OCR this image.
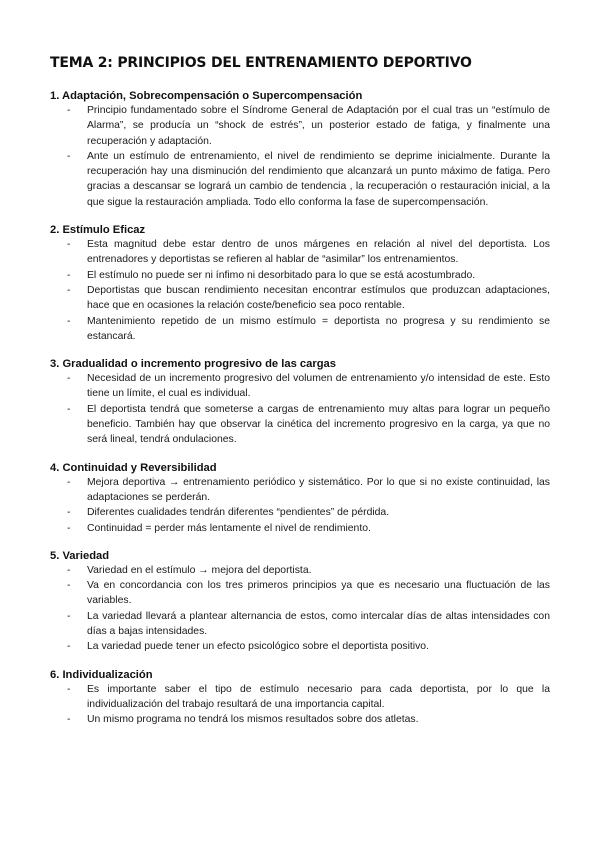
TEMA 2: PRINCIPIOS DEL ENTRENAMIENTO DEPORTIVO
1. Adaptación, Sobrecompensación o Supercompensación
- Principio fundamentado sobre el Síndrome General de Adaptación por el cual tras un “estímulo de Alarma”, se producía un “shock de estrés”, un posterior estado de fatiga, y finalmente una recuperación y adaptación.
- Ante un estímulo de entrenamiento, el nivel de rendimiento se deprime inicialmente. Durante la recuperación hay una disminución del rendimiento que alcanzará un punto máximo de fatiga. Pero gracias a descansar se logrará un cambio de tendencia , la recuperación o restauración inicial, a la que sigue la restauración ampliada. Todo ello conforma la fase de supercompensación.
2. Estímulo Eficaz
- Esta magnitud debe estar dentro de unos márgenes en relación al nivel del deportista. Los entrenadores y deportistas se refieren al hablar de “asimilar” los entrenamientos.
- El estímulo no puede ser ni ínfimo ni desorbitado para lo que se está acostumbrado.
- Deportistas que buscan rendimiento necesitan encontrar estímulos que produzcan adaptaciones, hace que en ocasiones la relación coste/beneficio sea poco rentable.
- Mantenimiento repetido de un mismo estímulo = deportista no progresa y su rendimiento se estancará.
3. Gradualidad o incremento progresivo de las cargas
- Necesidad de un incremento progresivo del volumen de entrenamiento y/o intensidad de este. Esto tiene un límite, el cual es individual.
- El deportista tendrá que someterse a cargas de entrenamiento muy altas para lograr un pequeño beneficio. También hay que observar la cinética del incremento progresivo en la carga, ya que no será lineal, tendrá ondulaciones.
4. Continuidad y Reversibilidad
- Mejora deportiva → entrenamiento periódico y sistemático. Por lo que si no existe continuidad, las adaptaciones se perderán.
- Diferentes cualidades tendrán diferentes “pendientes” de pérdida.
- Continuidad = perder más lentamente el nivel de rendimiento.
5. Variedad
- Variedad en el estímulo → mejora del deportista.
- Va en concordancia con los tres primeros principios ya que es necesario una fluctuación de las variables.
- La variedad llevará a plantear alternancia de estos, como intercalar días de altas intensidades con días a bajas intensidades.
- La variedad puede tener un efecto psicológico sobre el deportista positivo.
6. Individualización
- Es importante saber el tipo de estímulo necesario para cada deportista, por lo que la individualización del trabajo resultará de una importancia capital.
- Un mismo programa no tendrá los mismos resultados sobre dos atletas.
